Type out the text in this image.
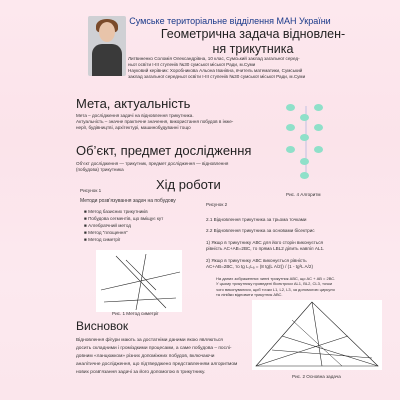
Сумське територіальне відділення МАН України
Геометрична задача відновлен-
ня трикутника
Литвиненко Соломія Олександрівна, 10 клас, Сумський заклад загальної серед-
ньої освіти І-ІІІ ступенів №30 сумської міської Ради, м.Суми
Науковий керівник: Хоробникова Альона Іванівна, вчитель математики, Сумський
заклад загальної середньої освіти І-ІІІ ступенів №30 сумської міської Ради, м.Суми
Мета, актуальність
Мета – дослідження задачі на відновлення трикутника.
Актуальність – значне практичне значення, використання побудов в інже-
нерії, будівництві, архітектурі, машинобудуванні тощо
Об’єкт, предмет дослідження
Об’єкт дослідження — трикутник, предмет дослідження — відновлення
(побудова) трикутника
Хід роботи
Рис. 4 Алгоритм
Рисунок 1
Методи розв’язування задач на побудову
■ Метод базисних трикутників
■ Побудова сегментів, що вміщує кут
■ Алгебраїчний метод
■ Метод “площення”
■ Метод симетрії
Рис. 1 Метод симетрії
Рисунок 2
2.1 Відновлення трикутника за трьома точками
2.2 Відновлення трикутника за основами бісектрис
1) Якщо в трикутнику АВС для його сторін виконується
рівність АС+АВ=2ВС, то пряма LВL2 ділить навпіл АL1.
2) Якщо в трикутнику АВС виконується рівність
АС+АВ=2ВС, то tg L₁Lₐ = (8 tg(L A/2)) / (1 - tg²L A/2)
На даних зображеннях чинні трикутник АВС, що АС + АВ = 2ВС.
У цьому трикутнику проведені бісектриси АL1, ВL2, СL3, точки
чого виконувалися, щоб точки L1, L2, L3, за допомогою циркуля
та лінійки відновити трикутник АВС.
Рис. 2 Основна задача
Висновок
Відновлення фігури мають за достатніми даними якою являються
досить складними і громіздкими процесами, а саме побудова – послі-
довним «ланцюжком» різних допоміжних побудов, включаючи
аналітичне дослідження, що підтверджено представленням алгоритмом
нових розв’язання задачі за його допомогою в трикутнику.
